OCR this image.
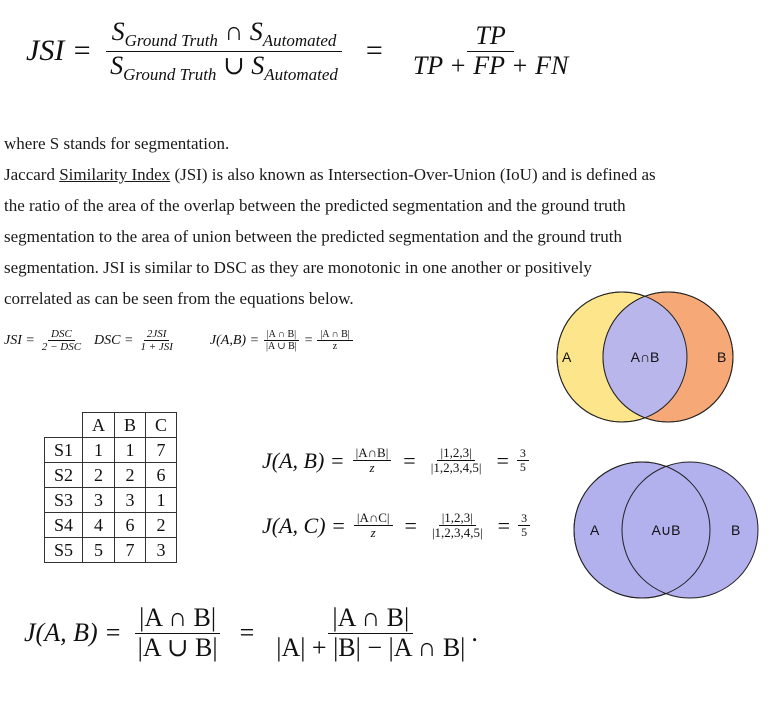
JSI = $\frac{S_{Ground Truth} \cap S_{Automated}}{S_{Ground Truth} \cup S_{Automated}} = \frac{TP}{TP + FP + FN}$

where S stands for segmentation.

Jaccard Similarity Index (JSI) is also known as Intersection-Over-Union (IoU) and is defined as

the ratio of the area of the overlap between the predicted segmentation and the ground truth

segmentation to the area of union between the predicted segmentation and the ground truth

segmentation. JSI is similar to DSC as they are monotonic in one another or positively

correlated as can be seen from the equations below.

JSI = $\frac{\text{DSC}}{\text{2 − DSC}}$ DSC = $\frac{\text{2JSI}}{\text{1 + JSI}} J(A,B) = \frac{|A \cap B|}{|A \cup B|} = \frac{|A \cap B|}{z}$
A	A∩B	B
A	A∪B	B
	A	B	C
S1	1	1	7
S2	2	2	6
S3	3	3	1
S4	4	6	2
S5	5	7	3
J(A, $B) = \frac{|A\cap B|}{z} = \frac{|1,2,3|}{|1,2,3,4,5|} = \frac{3}{5}$
J(A, $C) = \frac{|A\cap C|}{z} = \frac{|1,2,3|}{|1,2,3,4,5|} = \frac{3}{5}$
J(A, $B) = \frac{|A \cap B|}{|A \cup B|} = \frac{|A \cap B|}{|A| + |B| - |A \cap B|}$ .
